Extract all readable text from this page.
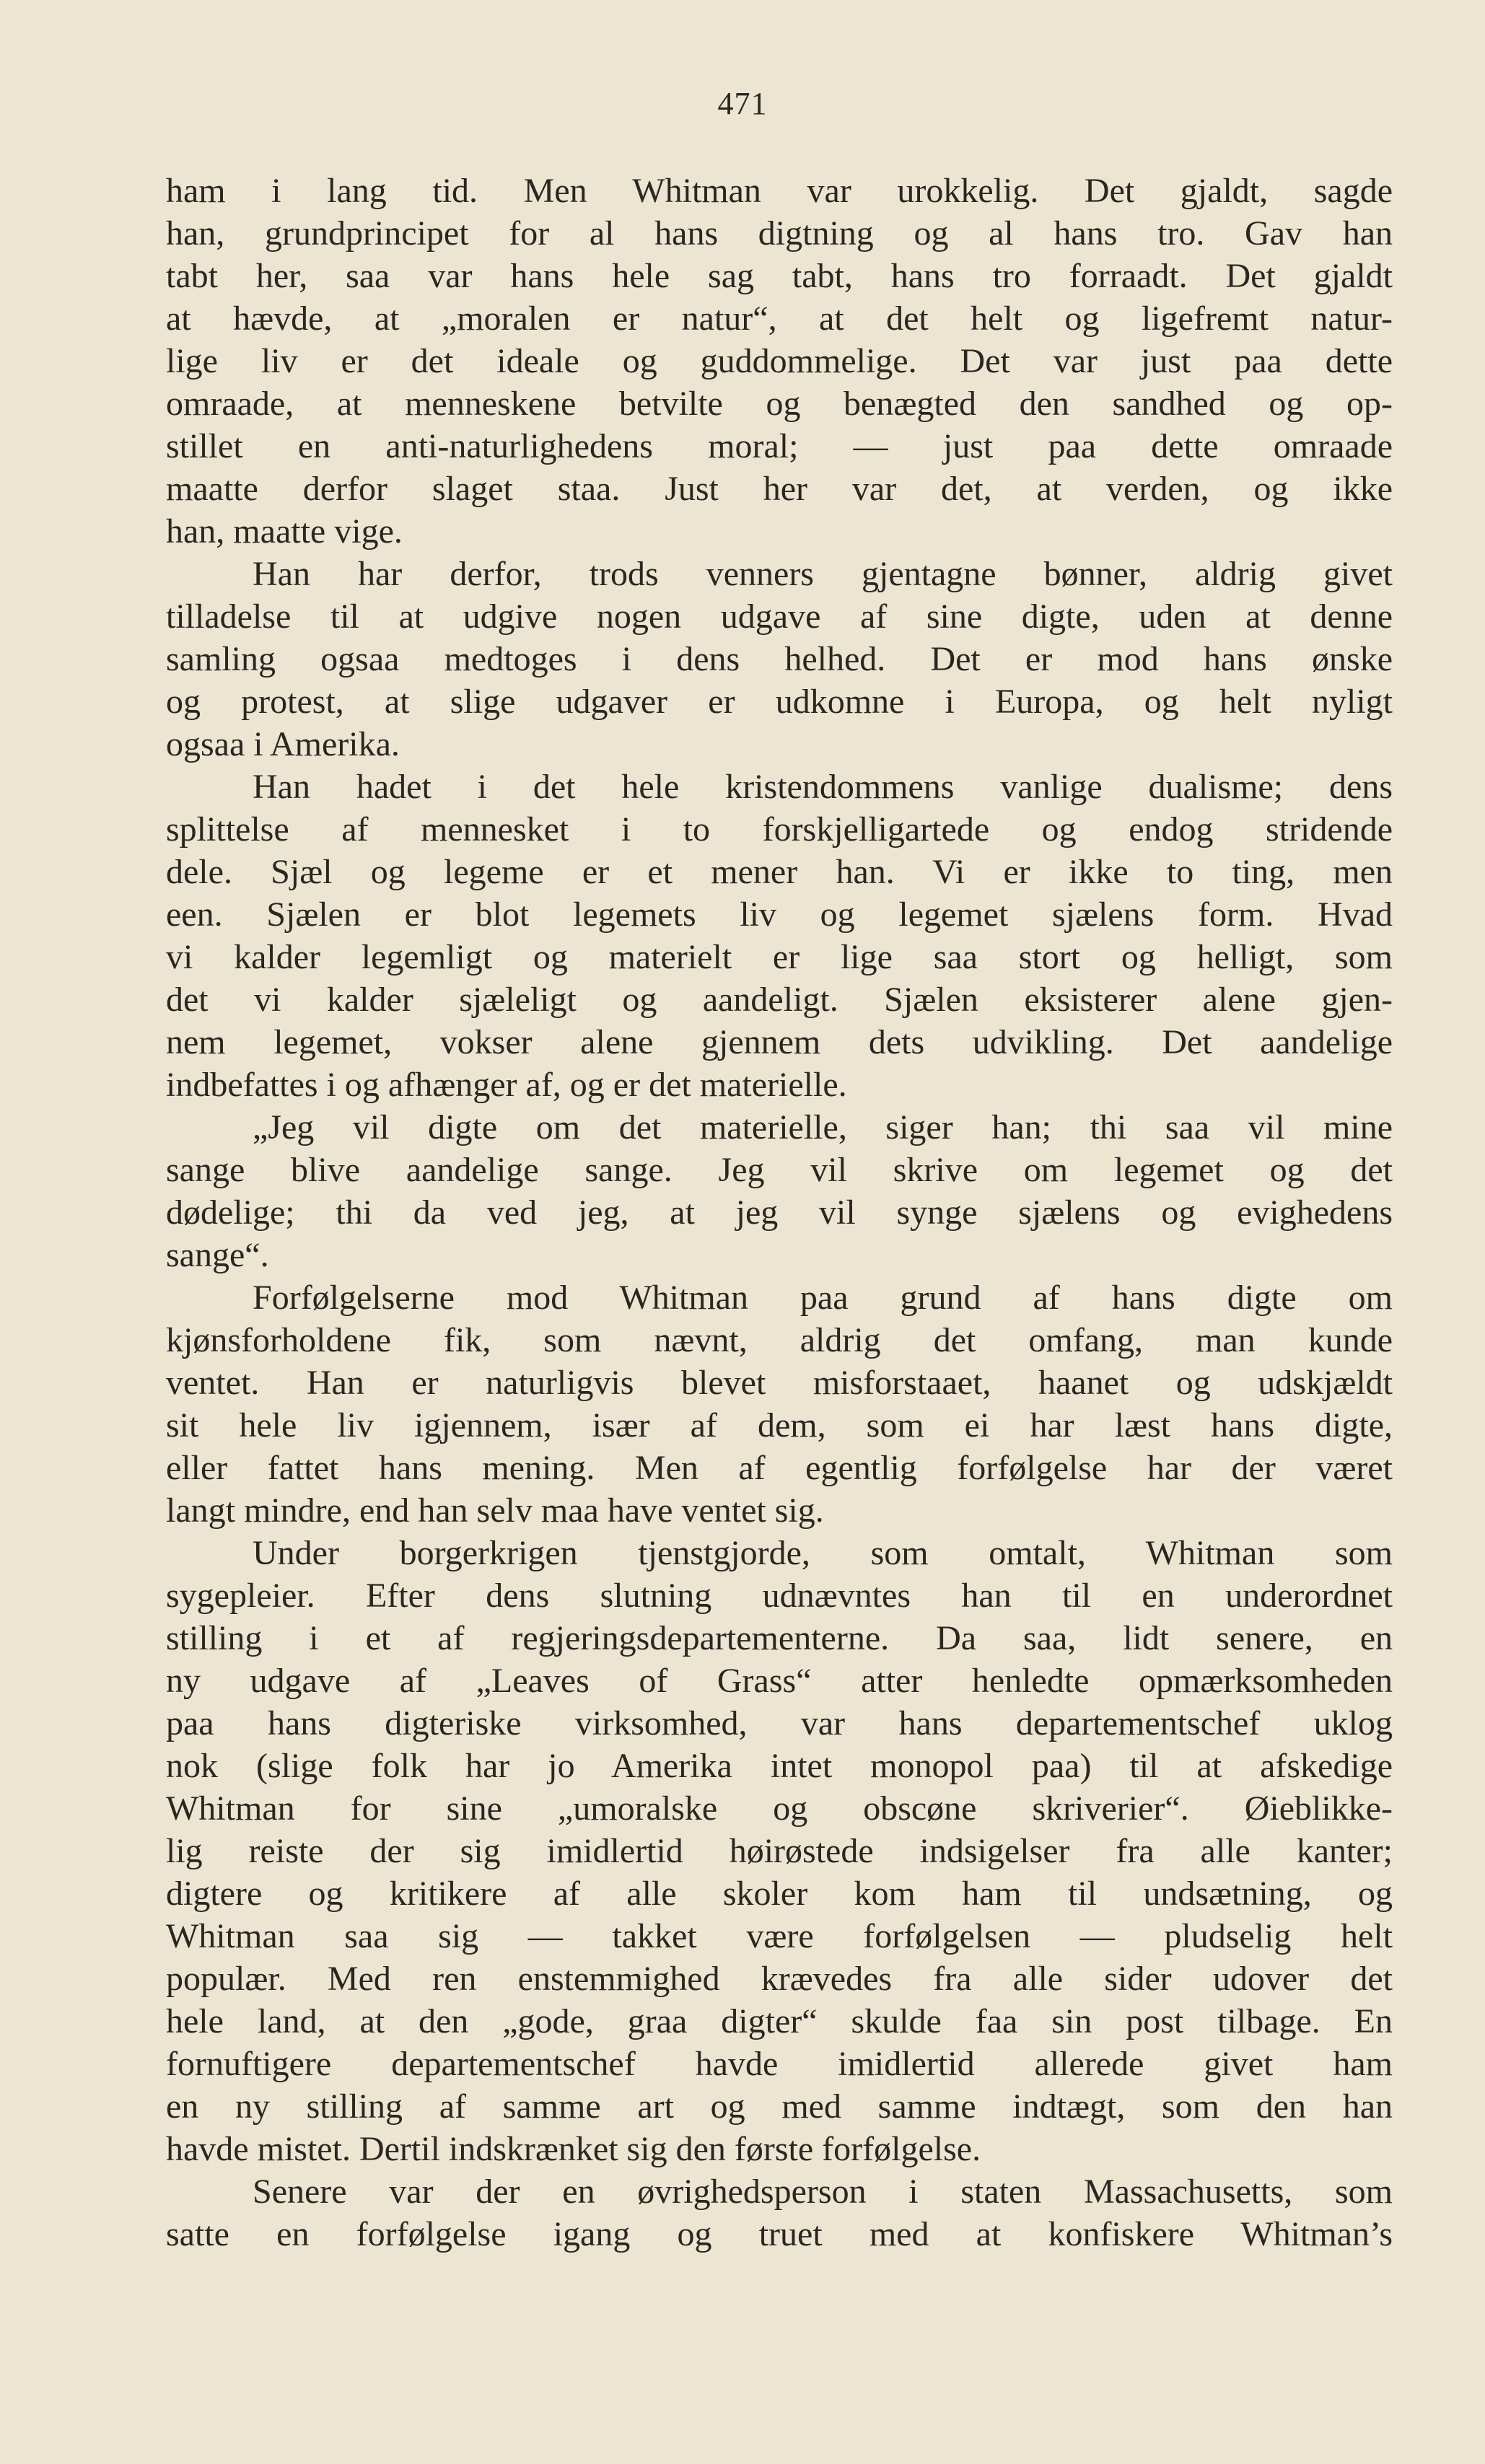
471
ham i lang tid. Men Whitman var urokkelig. Det gjaldt, sagde
han, grundprincipet for al hans digtning og al hans tro. Gav han
tabt her, saa var hans hele sag tabt, hans tro forraadt. Det gjaldt
at hævde, at „moralen er natur“, at det helt og ligefremt natur-
lige liv er det ideale og guddommelige. Det var just paa dette
omraade, at menneskene betvilte og benægted den sandhed og op-
stillet en anti-naturlighedens moral; — just paa dette omraade
maatte derfor slaget staa. Just her var det, at verden, og ikke
han, maatte vige.
Han har derfor, trods venners gjentagne bønner, aldrig givet
tilladelse til at udgive nogen udgave af sine digte, uden at denne
samling ogsaa medtoges i dens helhed. Det er mod hans ønske
og protest, at slige udgaver er udkomne i Europa, og helt nyligt
ogsaa i Amerika.
Han hadet i det hele kristendommens vanlige dualisme; dens
splittelse af mennesket i to forskjelligartede og endog stridende
dele. Sjæl og legeme er et mener han. Vi er ikke to ting, men
een. Sjælen er blot legemets liv og legemet sjælens form. Hvad
vi kalder legemligt og materielt er lige saa stort og helligt, som
det vi kalder sjæleligt og aandeligt. Sjælen eksisterer alene gjen-
nem legemet, vokser alene gjennem dets udvikling. Det aandelige
indbefattes i og afhænger af, og er det materielle.
„Jeg vil digte om det materielle, siger han; thi saa vil mine
sange blive aandelige sange. Jeg vil skrive om legemet og det
dødelige; thi da ved jeg, at jeg vil synge sjælens og evighedens
sange“.
Forfølgelserne mod Whitman paa grund af hans digte om
kjønsforholdene fik, som nævnt, aldrig det omfang, man kunde
ventet. Han er naturligvis blevet misforstaaet, haanet og udskjældt
sit hele liv igjennem, især af dem, som ei har læst hans digte,
eller fattet hans mening. Men af egentlig forfølgelse har der været
langt mindre, end han selv maa have ventet sig.
Under borgerkrigen tjenstgjorde, som omtalt, Whitman som
sygepleier. Efter dens slutning udnævntes han til en underordnet
stilling i et af regjeringsdepartementerne. Da saa, lidt senere, en
ny udgave af „Leaves of Grass“ atter henledte opmærksomheden
paa hans digteriske virksomhed, var hans departementschef uklog
nok (slige folk har jo Amerika intet monopol paa) til at afskedige
Whitman for sine „umoralske og obscøne skriverier“. Øieblikke-
lig reiste der sig imidlertid høirøstede indsigelser fra alle kanter;
digtere og kritikere af alle skoler kom ham til undsætning, og
Whitman saa sig — takket være forfølgelsen — pludselig helt
populær. Med ren enstemmighed krævedes fra alle sider udover det
hele land, at den „gode, graa digter“ skulde faa sin post tilbage. En
fornuftigere departementschef havde imidlertid allerede givet ham
en ny stilling af samme art og med samme indtægt, som den han
havde mistet. Dertil indskrænket sig den første forfølgelse.
Senere var der en øvrighedsperson i staten Massachusetts, som
satte en forfølgelse igang og truet med at konfiskere Whitman’s
